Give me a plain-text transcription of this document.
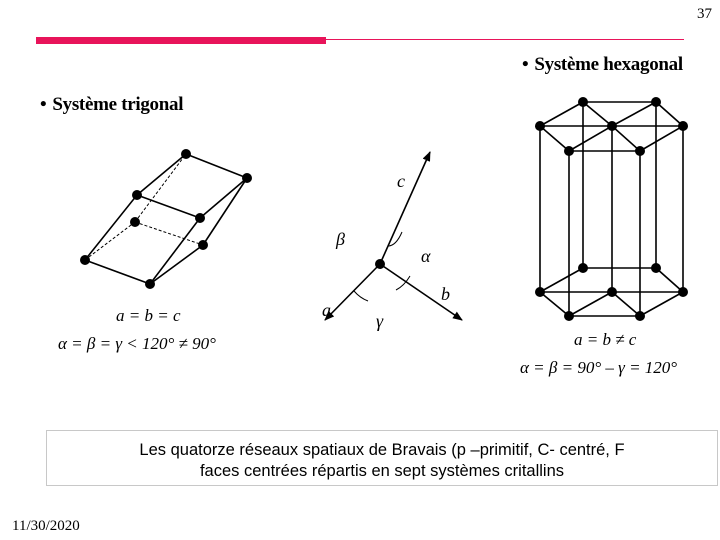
37
• Système trigonal
• Système hexagonal
c
a
b
α
β
γ
a = b = c
α = β = γ < 120° ≠ 90°	a = b ≠ c
α = β = 90° – γ = 120°
Les quatorze réseaux spatiaux de Bravais (p –primitif, C- centré, F
faces centrées répartis en sept systèmes critallins
11/30/2020
